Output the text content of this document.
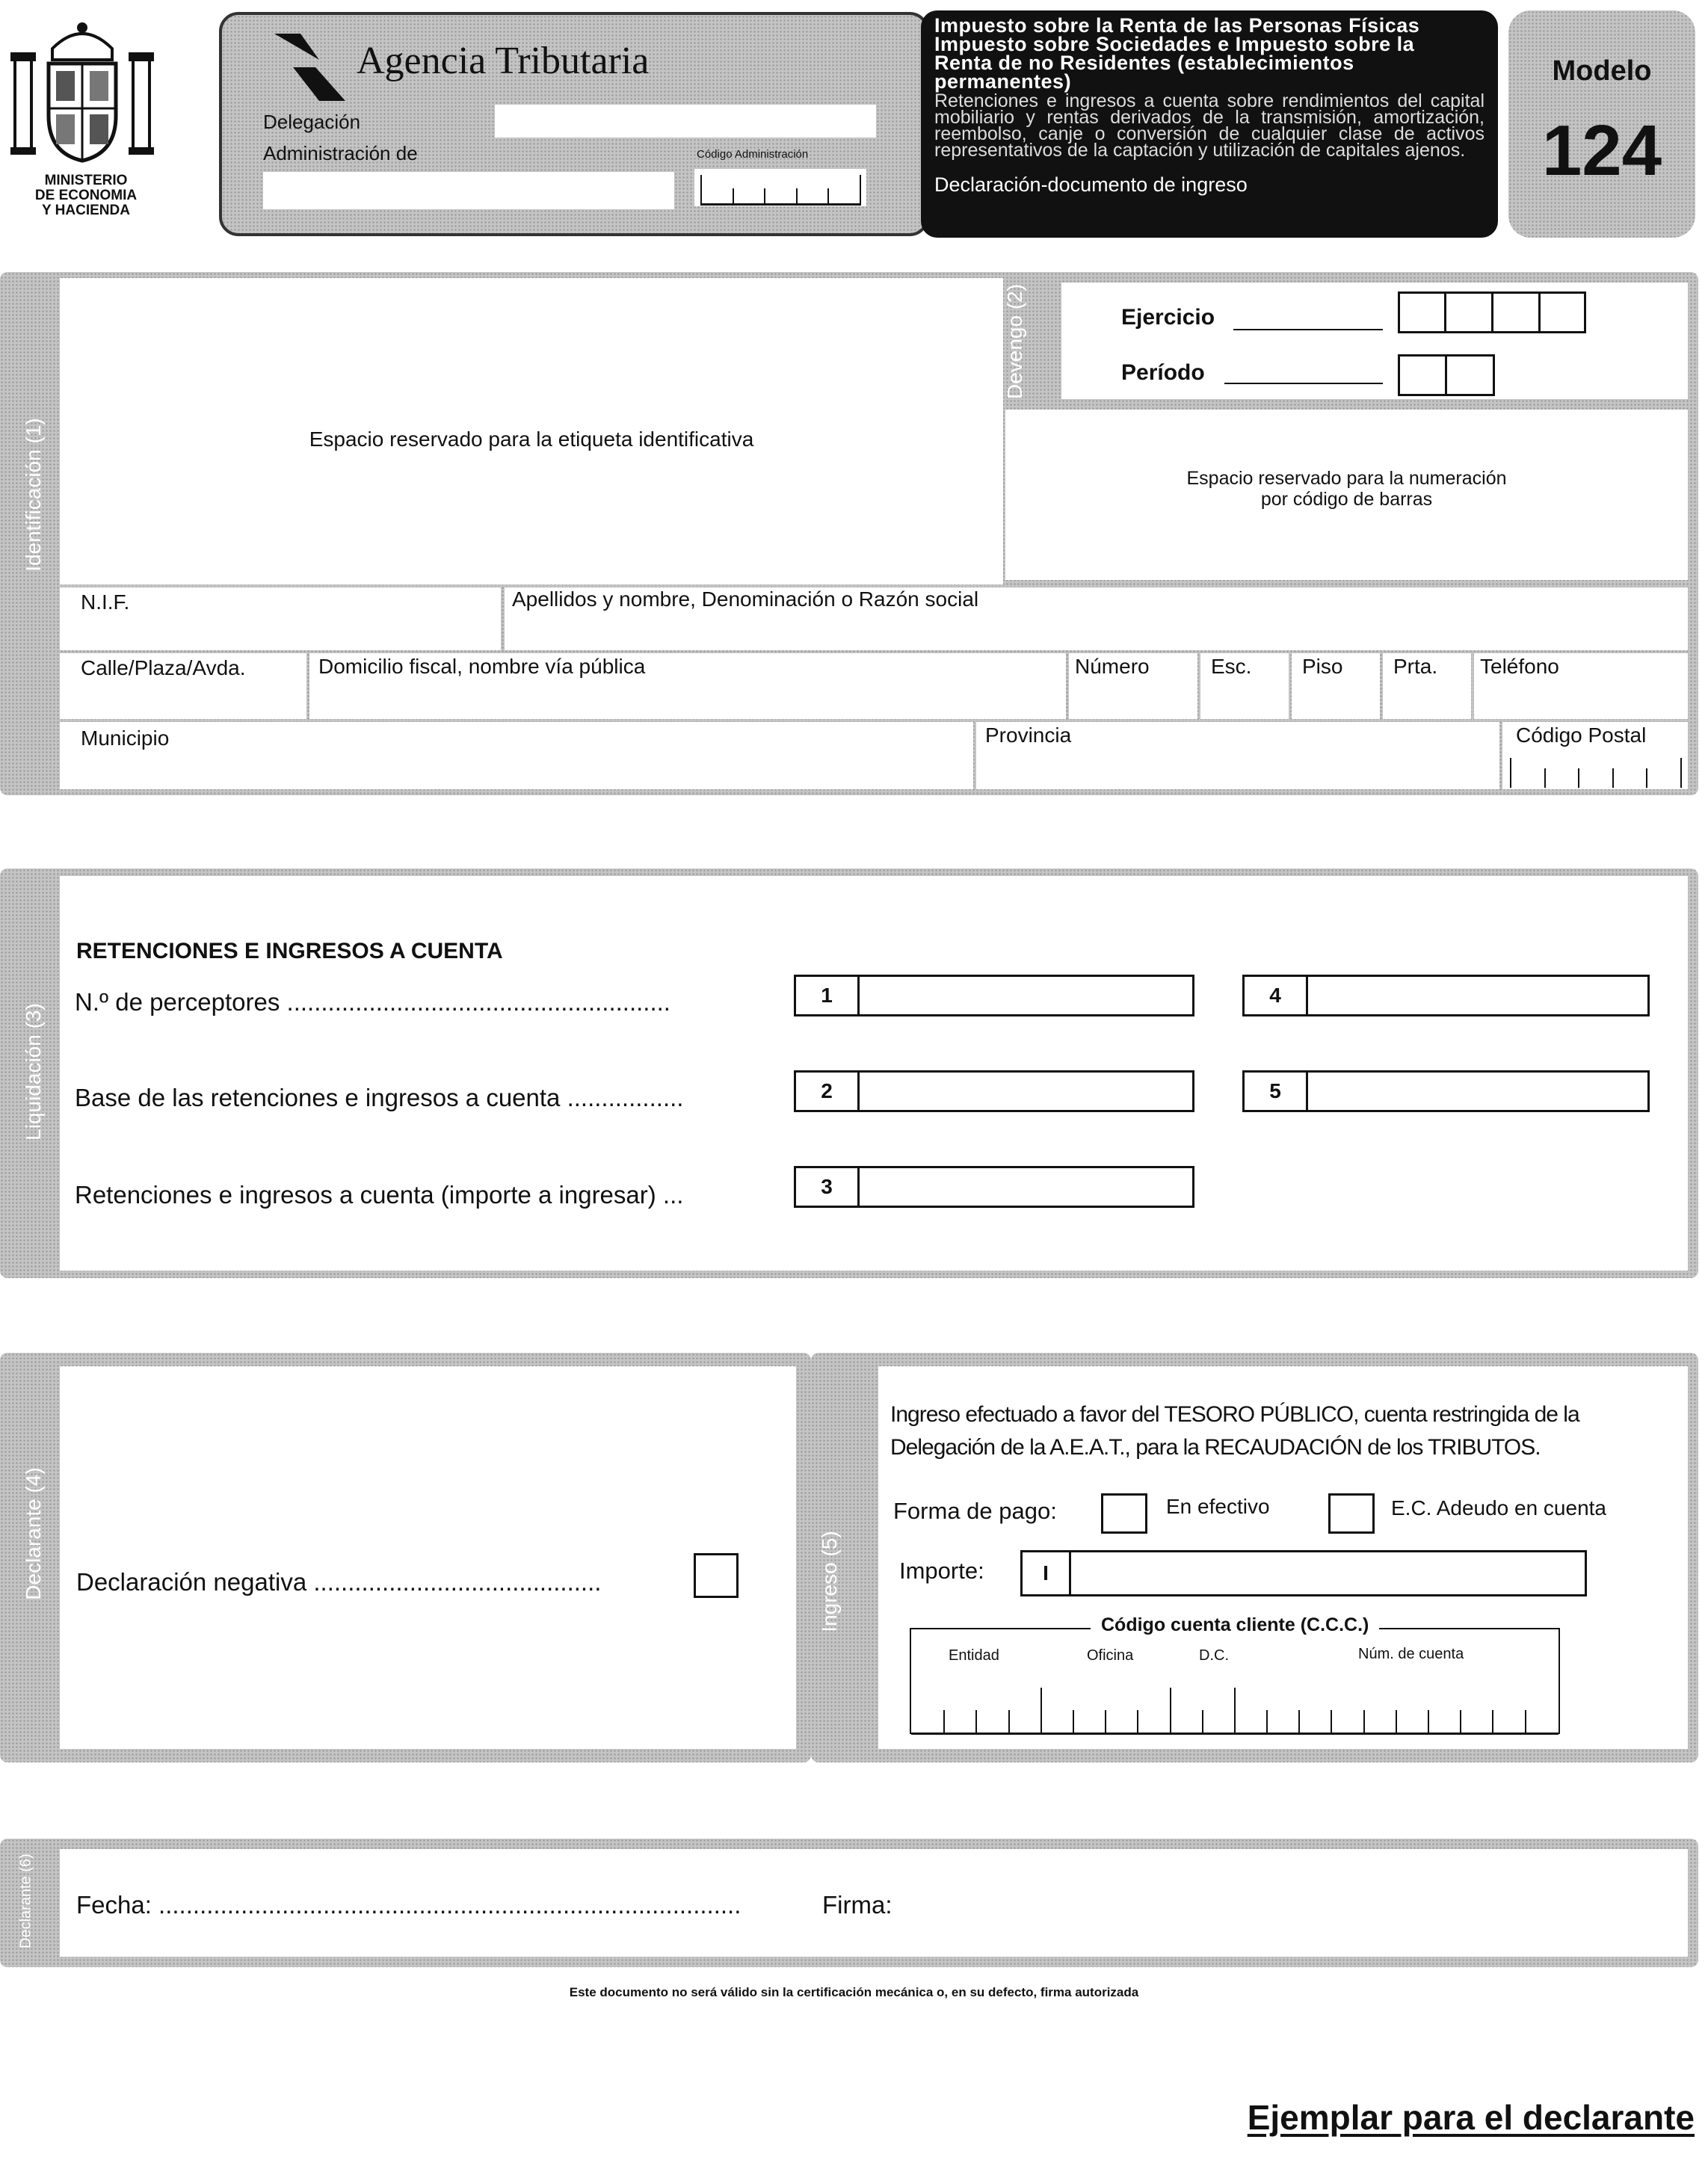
MINISTERIO
DE ECONOMIA
Y HACIENDA
Agencia Tributaria
Delegación
Administración de	Código Administración
Impuesto sobre la Renta de las Personas Físicas
Impuesto sobre Sociedades e Impuesto sobre la
Renta de no Residentes (establecimientos
permanentes)
Retenciones e ingresos a cuenta sobre rendimientos del capital mobiliario y rentas derivados de la transmisión, amortización, reembolso, canje o conversión de cualquier clase de activos representativos de la captación y utilización de capitales ajenos.
Declaración-documento de ingreso
Modelo
124
Identificación (1)	Espacio reservado para la etiqueta identificativa
Devengo (2)	Ejercicio
Período
Espacio reservado para la numeración
por código de barras
N.I.F.	Apellidos y nombre, Denominación o Razón social
Calle/Plaza/Avda.	Domicilio fiscal, nombre vía pública	Número	Esc. Piso Prta. Teléfono
Municipio	Provincia	Código Postal
Liquidación (3)
RETENCIONES E INGRESOS A CUENTA
N.º de perceptores ........................................................	1	4
Base de las retenciones e ingresos a cuenta .................	2	5
Retenciones e ingresos a cuenta (importe a ingresar) ...	3
Declarante (4) Declaración negativa ..........................................	Ingreso (5)
Ingreso efectuado a favor del TESORO PÚBLICO, cuenta restringida de la
Delegación de la A.E.A.T., para la RECAUDACIÓN de los TRIBUTOS.
Forma de pago:	En efectivo	E.C. Adeudo en cuenta
Importe:	I
Código cuenta cliente (C.C.C.)
Entidad	Oficina	D.C.	Núm. de cuenta
Declarante (6) Fecha: .....................................................................................	Firma:
Este documento no será válido sin la certificación mecánica o, en su defecto, firma autorizada
Ejemplar para el declarante
